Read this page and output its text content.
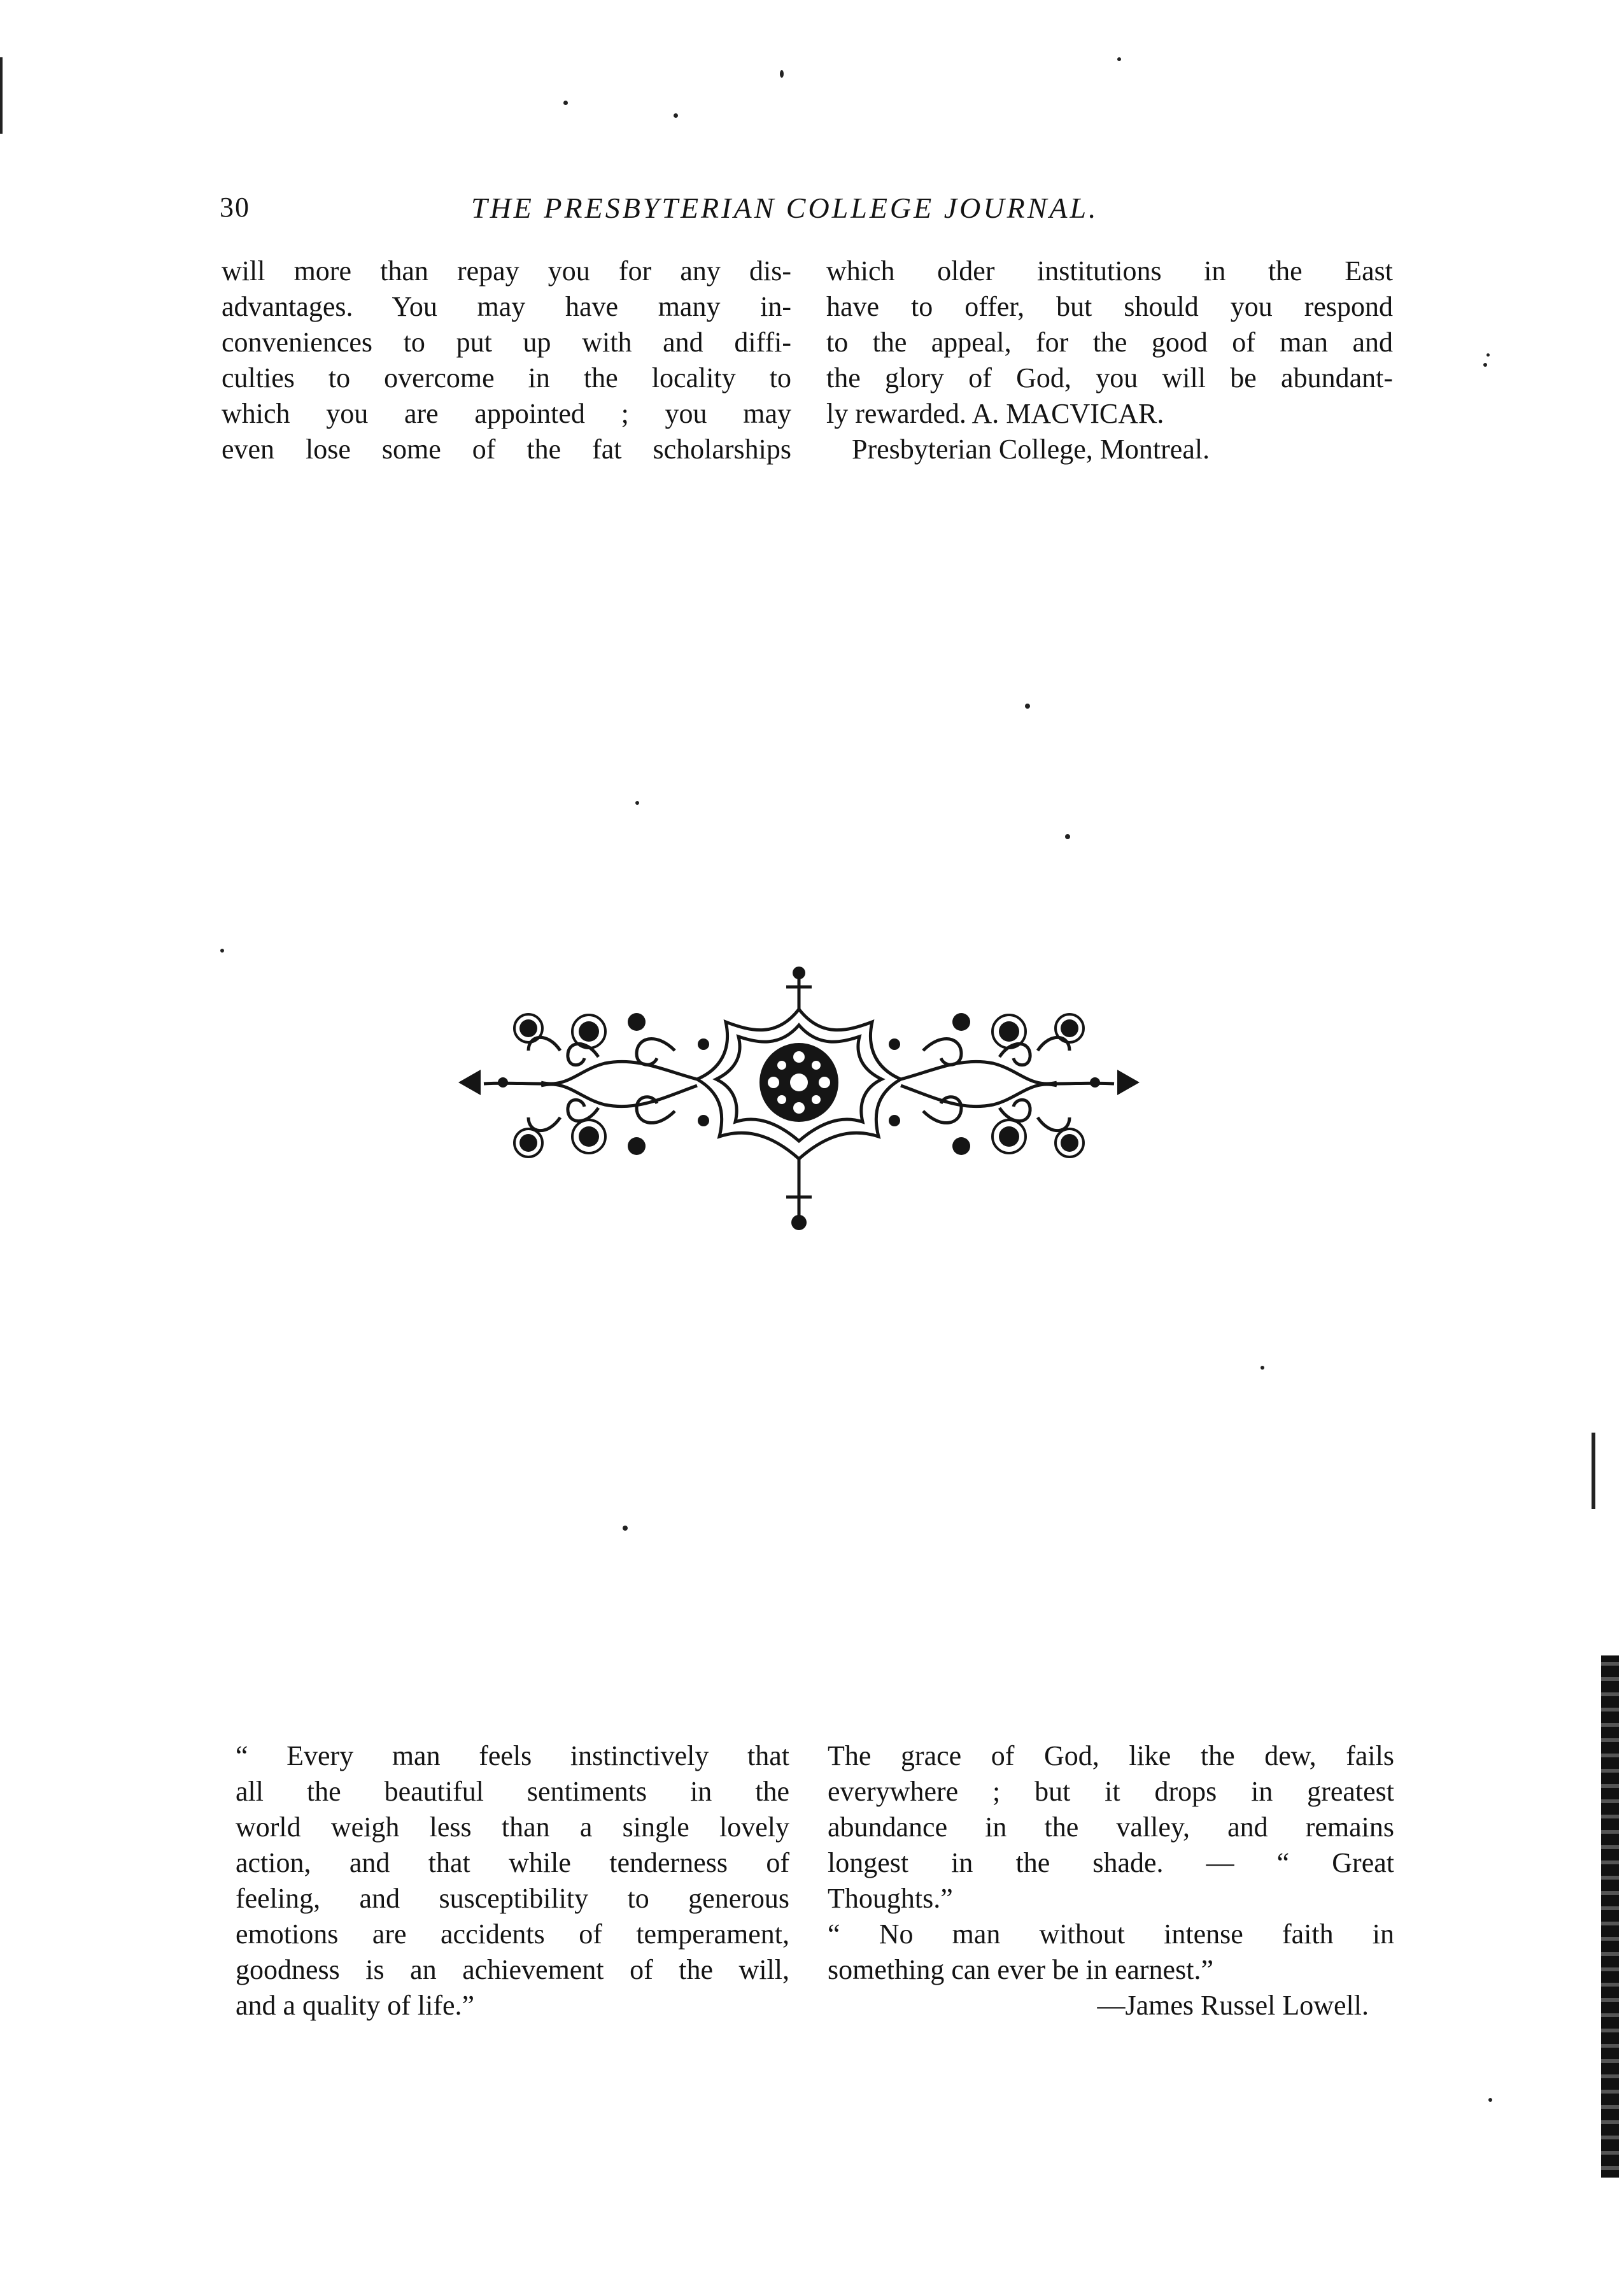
30	THE PRESBYTERIAN COLLEGE JOURNAL.
will more than repay you for any dis-
advantages. You may have many in-
conveniences to put up with and diffi-
culties to overcome in the locality to
which you are appointed ; you may
even lose some of the fat scholarships
which older institutions in the East
have to offer, but should you respond
to the appeal, for the good of man and
the glory of God, you will be abundant-
ly rewarded. A. MACVICAR.
Presbyterian College, Montreal.
“ Every man feels instinctively that
all the beautiful sentiments in the
world weigh less than a single lovely
action, and that while tenderness of
feeling, and susceptibility to generous
emotions are accidents of temperament,
goodness is an achievement of the will,
and a quality of life.”
The grace of God, like the dew, fails
everywhere ; but it drops in greatest
abundance in the valley, and remains
longest in the shade. — “ Great
Thoughts.”
“ No man without intense faith in
something can ever be in earnest.”
—James Russel Lowell.
